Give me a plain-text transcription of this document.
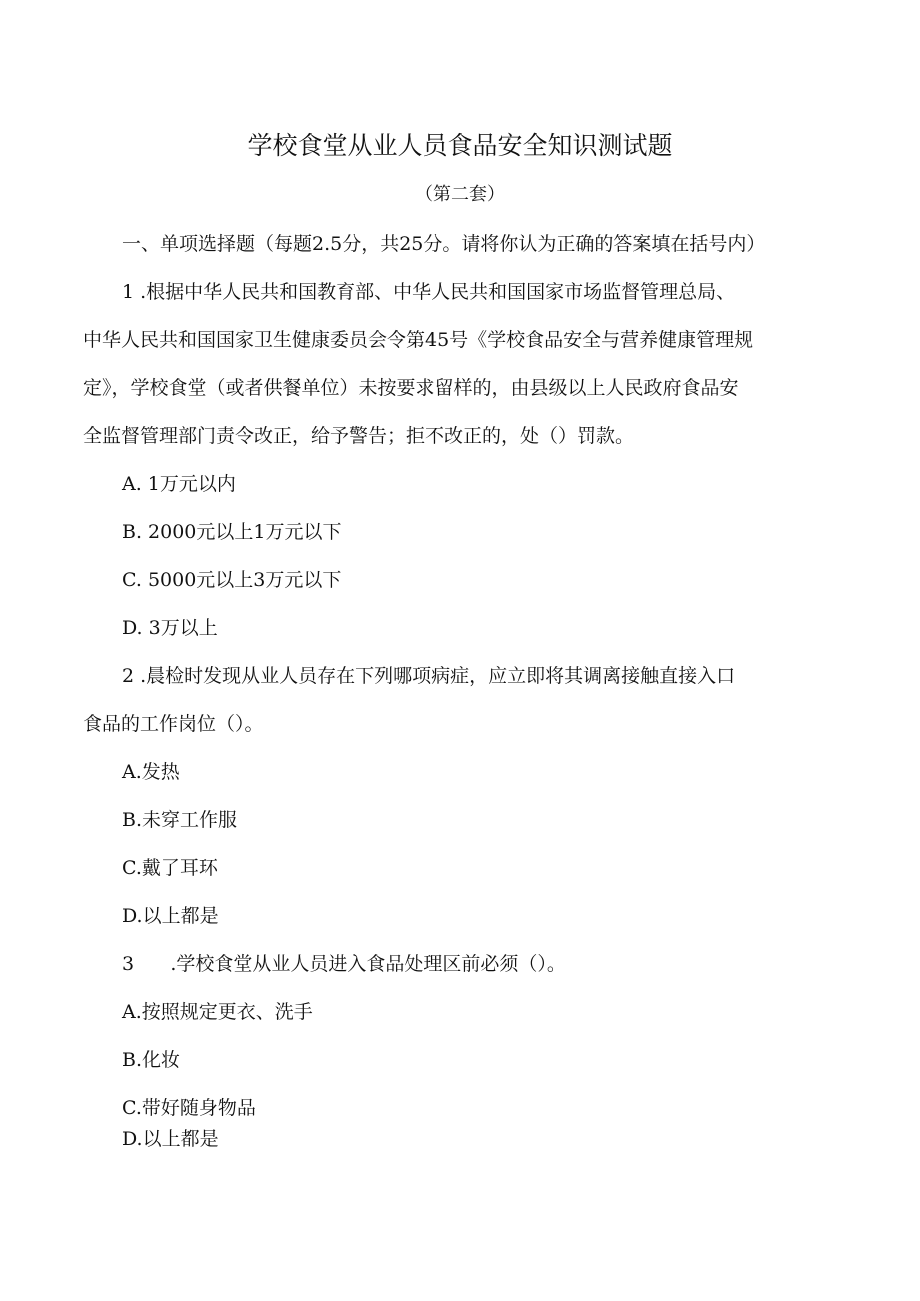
学校食堂从业人员食品安全知识测试题
（第二套）
一、单项选择题（每题2.5分，共25分。请将你认为正确的答案填在括号内）
1 .根据中华人民共和国教育部、中华人民共和国国家市场监督管理总局、
中华人民共和国国家卫生健康委员会令第45号《学校食品安全与营养健康管理规
定》，学校食堂（或者供餐单位）未按要求留样的，由县级以上人民政府食品安
全监督管理部门责令改正，给予警告；拒不改正的，处（）罚款。
A. 1万元以内
B. 2000元以上1万元以下
C. 5000元以上3万元以下
D. 3万以上
2 .晨检时发现从业人员存在下列哪项病症，应立即将其调离接触直接入口
食品的工作岗位（）。
A.发热
B.未穿工作服
C.戴了耳环
D.以上都是
3      .学校食堂从业人员进入食品处理区前必须（）。
A.按照规定更衣、洗手
B.化妆
C.带好随身物品
D.以上都是
